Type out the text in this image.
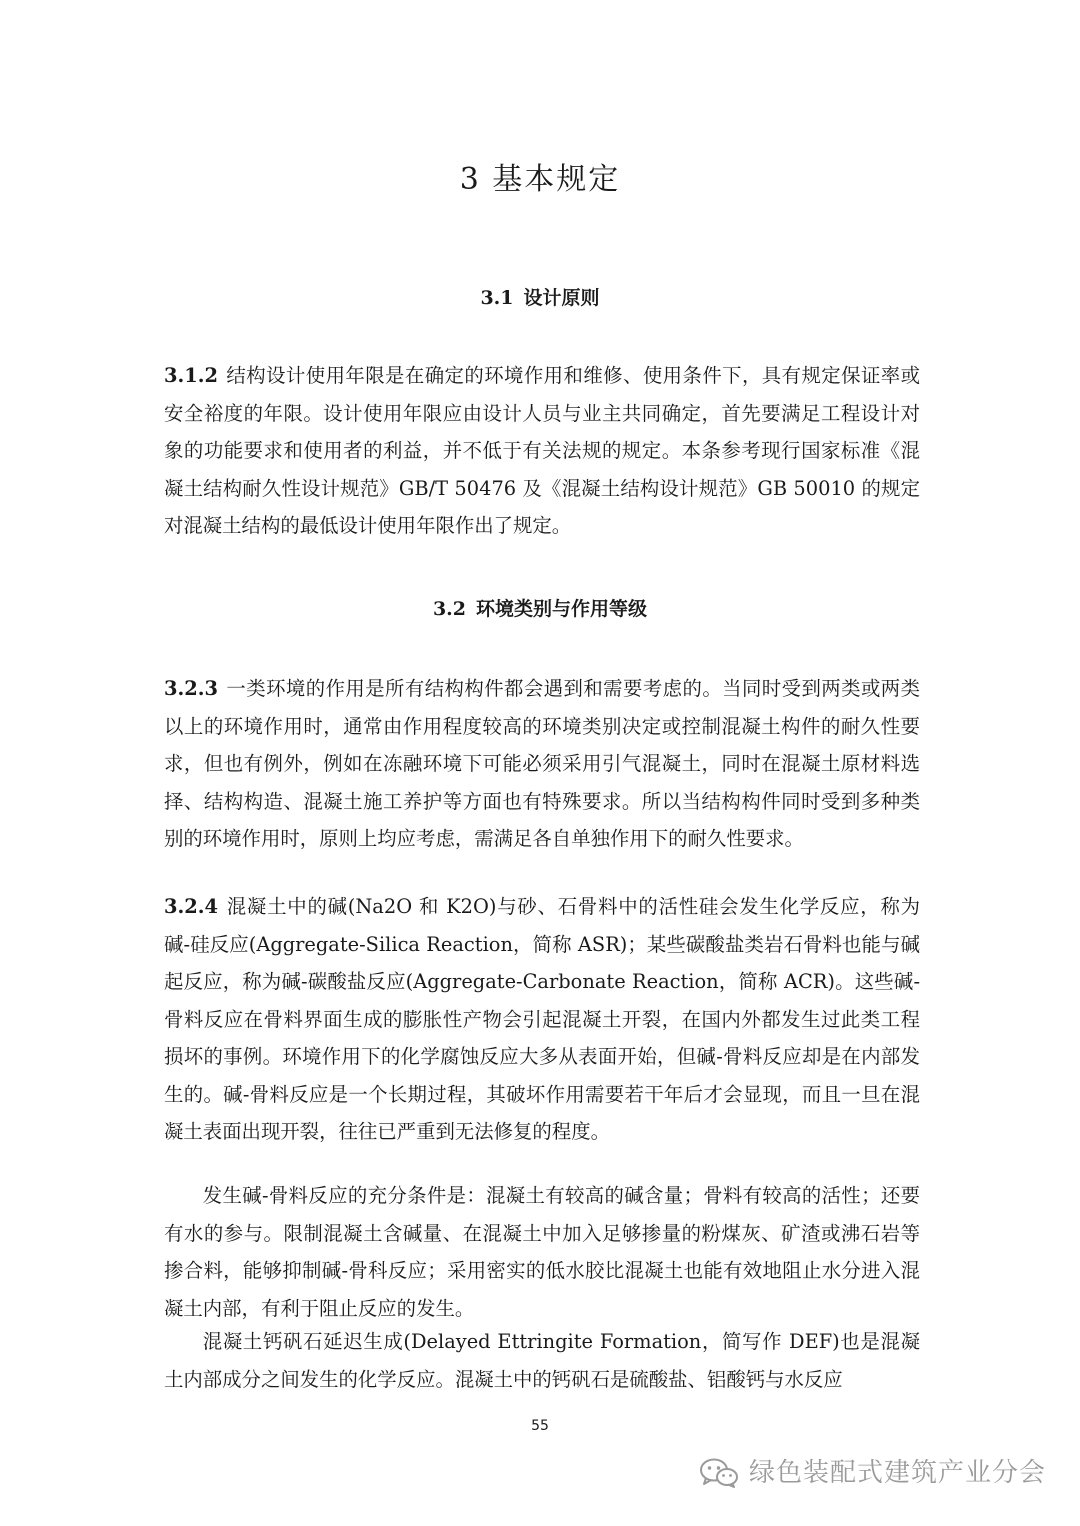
3 基本规定
3.1 设计原则

3.1.2 结构设计使用年限是在确定的环境作用和维修、使用条件下，具有规定保证率或安全裕度的年限。设计使用年限应由设计人员与业主共同确定，首先要满足工程设计对象的功能要求和使用者的利益，并不低于有关法规的规定。本条参考现行国家标准《混凝土结构耐久性设计规范》GB/T 50476 及《混凝土结构设计规范》GB 50010 的规定对混凝土结构的最低设计使用年限作出了规定。

3.2 环境类别与作用等级

3.2.3 一类环境的作用是所有结构构件都会遇到和需要考虑的。当同时受到两类或两类以上的环境作用时，通常由作用程度较高的环境类别决定或控制混凝土构件的耐久性要求，但也有例外，例如在冻融环境下可能必须采用引气混凝土，同时在混凝土原材料选择、结构构造、混凝土施工养护等方面也有特殊要求。所以当结构构件同时受到多种类别的环境作用时，原则上均应考虑，需满足各自单独作用下的耐久性要求。

3.2.4 混凝土中的碱(Na2O 和 K2O)与砂、石骨料中的活性硅会发生化学反应，称为碱-硅反应(Aggregate-Silica Reaction，简称 ASR)；某些碳酸盐类岩石骨料也能与碱起反应，称为碱-碳酸盐反应(Aggregate-Carbonate Reaction，简称 ACR)。这些碱-骨料反应在骨料界面生成的膨胀性产物会引起混凝土开裂，在国内外都发生过此类工程损坏的事例。环境作用下的化学腐蚀反应大多从表面开始，但碱-骨料反应却是在内部发生的。碱-骨料反应是一个长期过程，其破坏作用需要若干年后才会显现，而且一旦在混凝土表面出现开裂，往往已严重到无法修复的程度。

发生碱-骨料反应的充分条件是：混凝土有较高的碱含量；骨料有较高的活性；还要有水的参与。限制混凝土含碱量、在混凝土中加入足够掺量的粉煤灰、矿渣或沸石岩等掺合料，能够抑制碱-骨科反应；采用密实的低水胶比混凝土也能有效地阻止水分进入混凝土内部，有利于阻止反应的发生。

混凝土钙矾石延迟生成(Delayed Ettringite Formation，简写作 DEF)也是混凝土内部成分之间发生的化学反应。混凝土中的钙矾石是硫酸盐、铝酸钙与水反应

55
绿色装配式建筑产业分会
